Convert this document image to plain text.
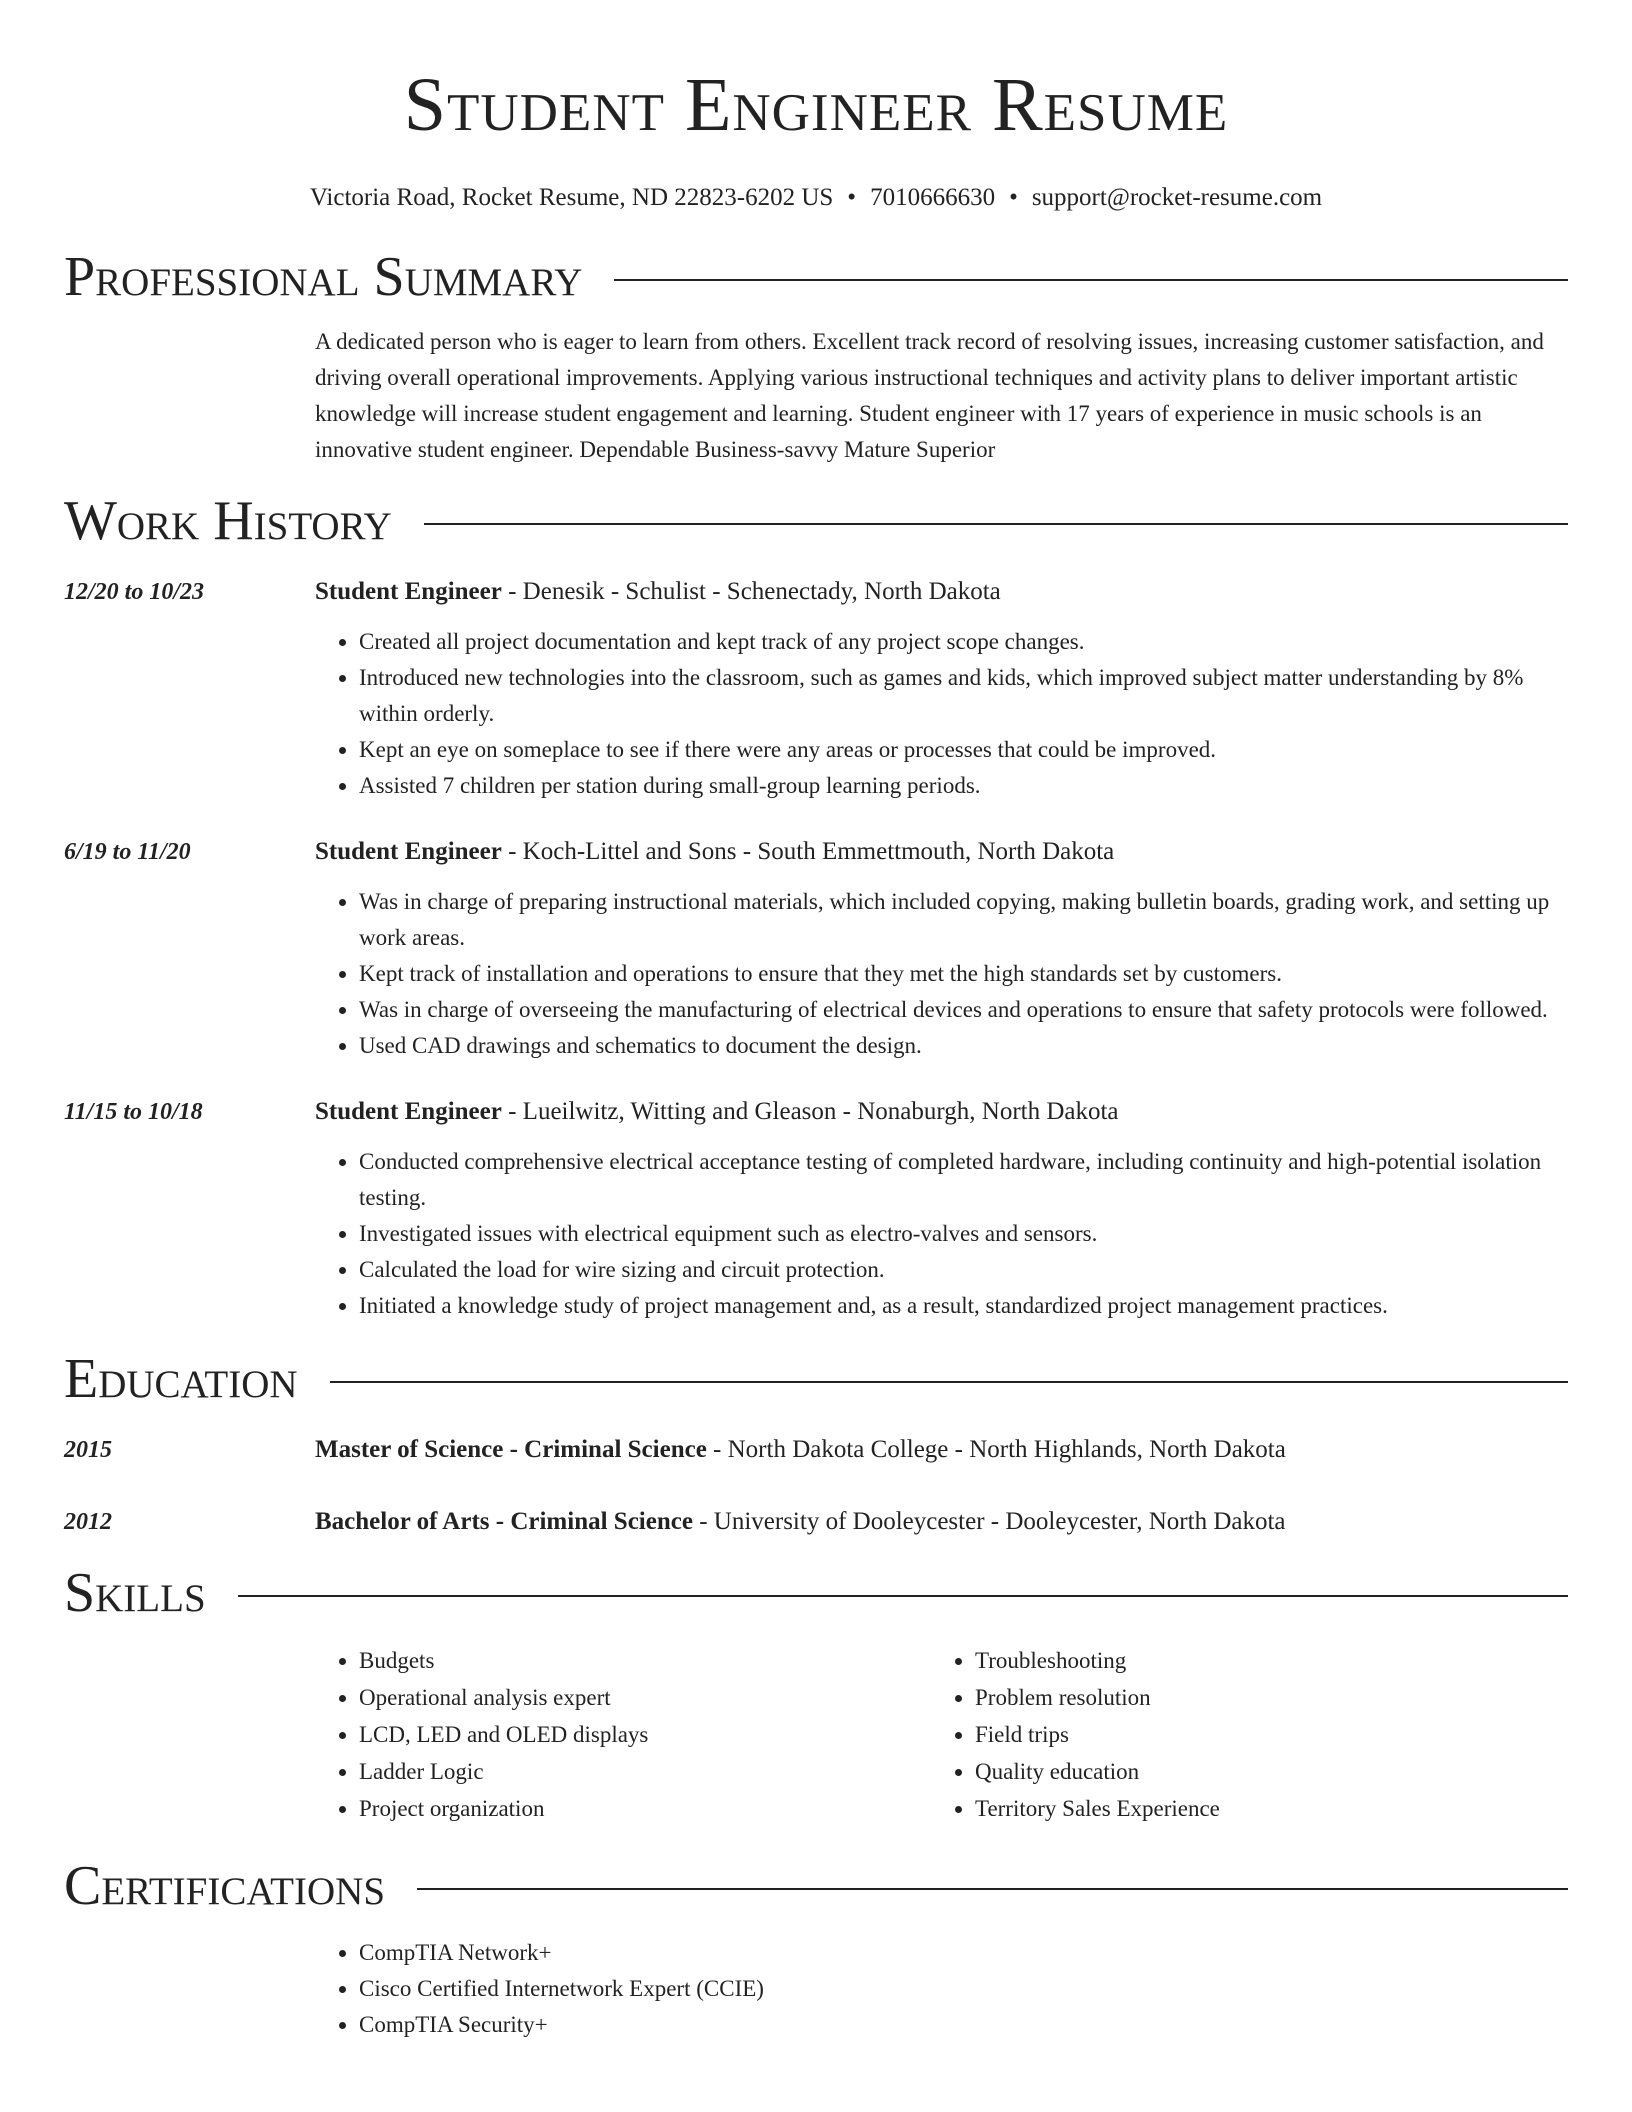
Student Engineer Resume
Victoria Road, Rocket Resume, ND 22823-6202 US • 7010666630 • support@rocket-resume.com
Professional Summary
A dedicated person who is eager to learn from others. Excellent track record of resolving issues, increasing customer satisfaction, and driving overall operational improvements. Applying various instructional techniques and activity plans to deliver important artistic knowledge will increase student engagement and learning. Student engineer with 17 years of experience in music schools is an innovative student engineer. Dependable Business-savvy Mature Superior
Work History
12/20 to 10/23	Student Engineer - Denesik - Schulist - Schenectady, North Dakota
• Created all project documentation and kept track of any project scope changes.
• Introduced new technologies into the classroom, such as games and kids, which improved subject matter understanding by 8% within orderly.
• Kept an eye on someplace to see if there were any areas or processes that could be improved.
• Assisted 7 children per station during small-group learning periods.
6/19 to 11/20	Student Engineer - Koch-Littel and Sons - South Emmettmouth, North Dakota
• Was in charge of preparing instructional materials, which included copying, making bulletin boards, grading work, and setting up work areas.
• Kept track of installation and operations to ensure that they met the high standards set by customers.
• Was in charge of overseeing the manufacturing of electrical devices and operations to ensure that safety protocols were followed.
• Used CAD drawings and schematics to document the design.
11/15 to 10/18	Student Engineer - Lueilwitz, Witting and Gleason - Nonaburgh, North Dakota
• Conducted comprehensive electrical acceptance testing of completed hardware, including continuity and high-potential isolation testing.
• Investigated issues with electrical equipment such as electro-valves and sensors.
• Calculated the load for wire sizing and circuit protection.
• Initiated a knowledge study of project management and, as a result, standardized project management practices.
Education
2015	Master of Science - Criminal Science - North Dakota College - North Highlands, North Dakota
2012	Bachelor of Arts - Criminal Science - University of Dooleycester - Dooleycester, North Dakota
Skills
• Budgets
• Operational analysis expert
• LCD, LED and OLED displays
• Ladder Logic
• Project organization
• Troubleshooting
• Problem resolution
• Field trips
• Quality education
• Territory Sales Experience
Certifications
• CompTIA Network+
• Cisco Certified Internetwork Expert (CCIE)
• CompTIA Security+
